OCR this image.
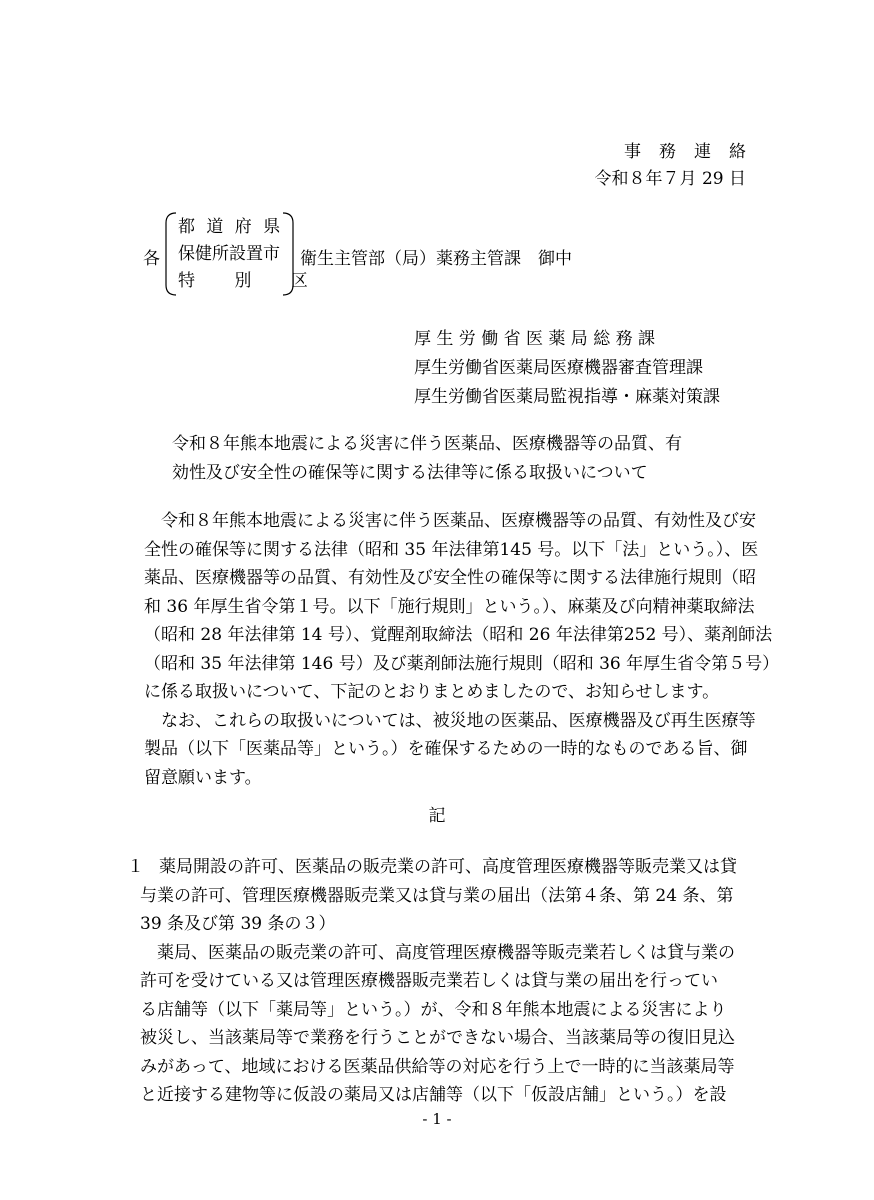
事務連絡
令和８年７月 29 日
各
都 道 府 県
保健所設置市
特 別 区
衛生主管部（局）薬務主管課　御中
厚生労働省医薬局総務課
厚生労働省医薬局医療機器審査管理課
厚生労働省医薬局監視指導・麻薬対策課
令和８年熊本地震による災害に伴う医薬品、医療機器等の品質、有
効性及び安全性の確保等に関する法律等に係る取扱いについて
令和８年熊本地震による災害に伴う医薬品、医療機器等の品質、有効性及び安
全性の確保等に関する法律（昭和 35 年法律第145 号。以下「法」という。）、医
薬品、医療機器等の品質、有効性及び安全性の確保等に関する法律施行規則（昭
和 36 年厚生省令第１号。以下「施行規則」という。）、麻薬及び向精神薬取締法
（昭和 28 年法律第 14 号）、覚醒剤取締法（昭和 26 年法律第252 号）、薬剤師法
（昭和 35 年法律第 146 号）及び薬剤師法施行規則（昭和 36 年厚生省令第５号）
に係る取扱いについて、下記のとおりまとめましたので、お知らせします。
なお、これらの取扱いについては、被災地の医薬品、医療機器及び再生医療等
製品（以下「医薬品等」という。）を確保するための一時的なものである旨、御
留意願います。
記
１ 薬局開設の許可、医薬品の販売業の許可、高度管理医療機器等販売業又は貸
与業の許可、管理医療機器販売業又は貸与業の届出（法第４条、第 24 条、第
39 条及び第 39 条の３）
薬局、医薬品の販売業の許可、高度管理医療機器等販売業若しくは貸与業の
許可を受けている又は管理医療機器販売業若しくは貸与業の届出を行ってい
る店舗等（以下「薬局等」という。）が、令和８年熊本地震による災害により
被災し、当該薬局等で業務を行うことができない場合、当該薬局等の復旧見込
みがあって、地域における医薬品供給等の対応を行う上で一時的に当該薬局等
と近接する建物等に仮設の薬局又は店舗等（以下「仮設店舗」という。）を設
- 1 -
